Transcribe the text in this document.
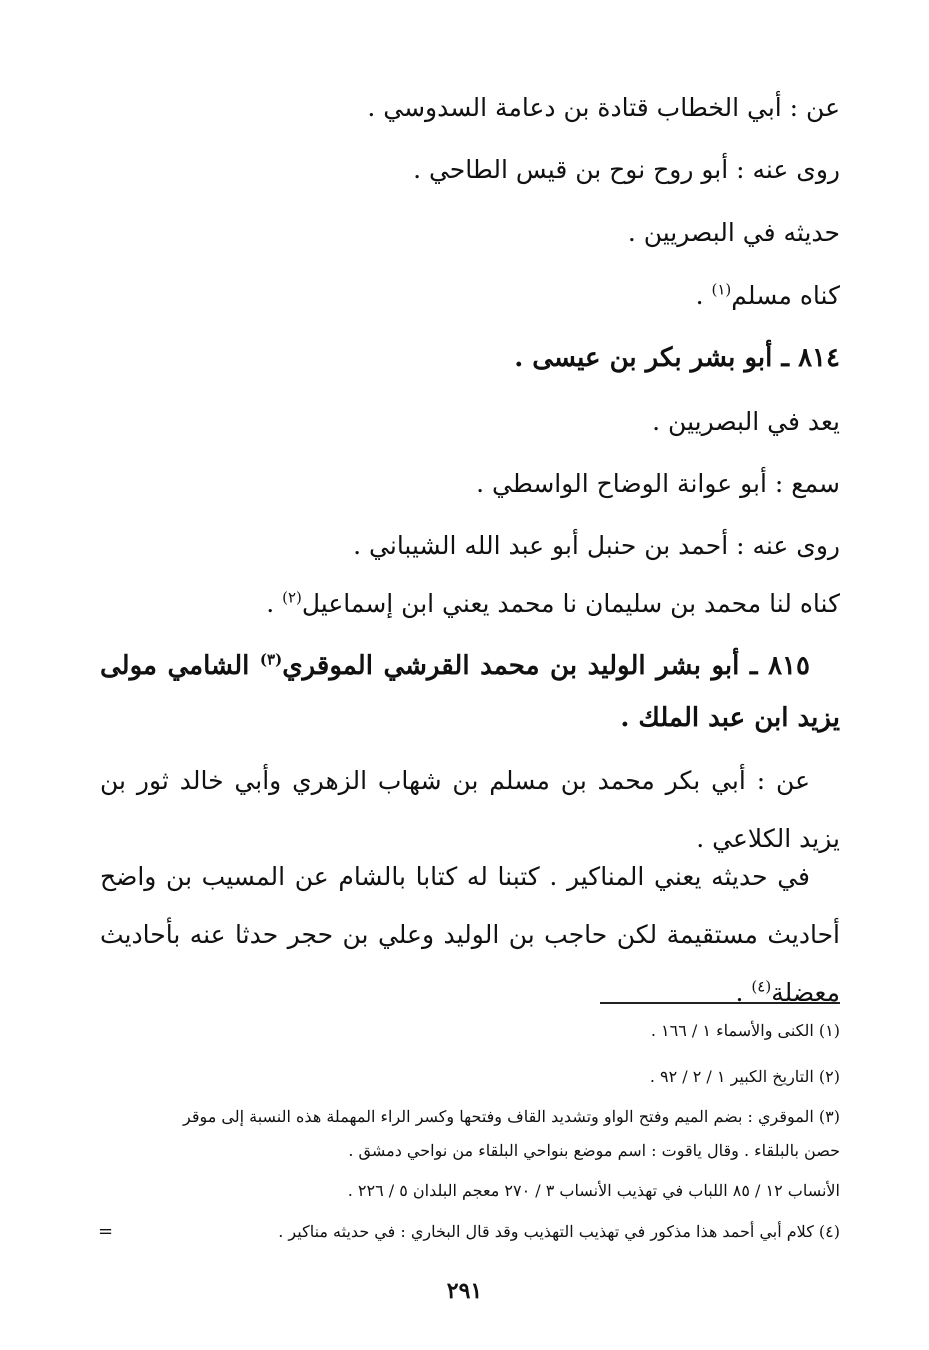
عن : أبي الخطاب قتادة بن دعامة السدوسي .
روى عنه : أبو روح نوح بن قيس الطاحي .
حديثه في البصريين .
كناه مسلم$^{(١)}$ .
٨١٤ ـ أبو بشر بكر بن عيسى .
يعد في البصريين .
سمع : أبو عوانة الوضاح الواسطي .
روى عنه : أحمد بن حنبل أبو عبد الله الشيباني .
كناه لنا محمد بن سليمان نا محمد يعني ابن إسماعيل$^{(٢)}$ .
٨١٥ ـ أبو بشر الوليد بن محمد القرشي الموقري$^{(٣)}$ الشامي مولى يزيد ابن عبد الملك .
عن : أبي بكر محمد بن مسلم بن شهاب الزهري وأبي خالد ثور بن يزيد الكلاعي .
في حديثه يعني المناكير . كتبنا له كتابا بالشام عن المسيب بن واضح أحاديث مستقيمة لكن حاجب بن الوليد وعلي بن حجر حدثا عنه بأحاديث معضلة$^{(٤)}$ .
(١) الكنى والأسماء ١ / ١٦٦ .
(٢) التاريخ الكبير ١ / ٢ / ٩٢ .
(٣) الموقري : بضم الميم وفتح الواو وتشديد القاف وفتحها وكسر الراء المهملة هذه النسبة إلى موقر
حصن بالبلقاء . وقال ياقوت : اسم موضع بنواحي البلقاء من نواحي دمشق .
الأنساب ١٢ / ٨٥ اللباب في تهذيب الأنساب ٣ / ٢٧٠ معجم البلدان ٥ / ٢٢٦ .
(٤) كلام أبي أحمد هذا مذكور في تهذيب التهذيب وقد قال البخاري : في حديثه مناكير .
=
٢٩١
